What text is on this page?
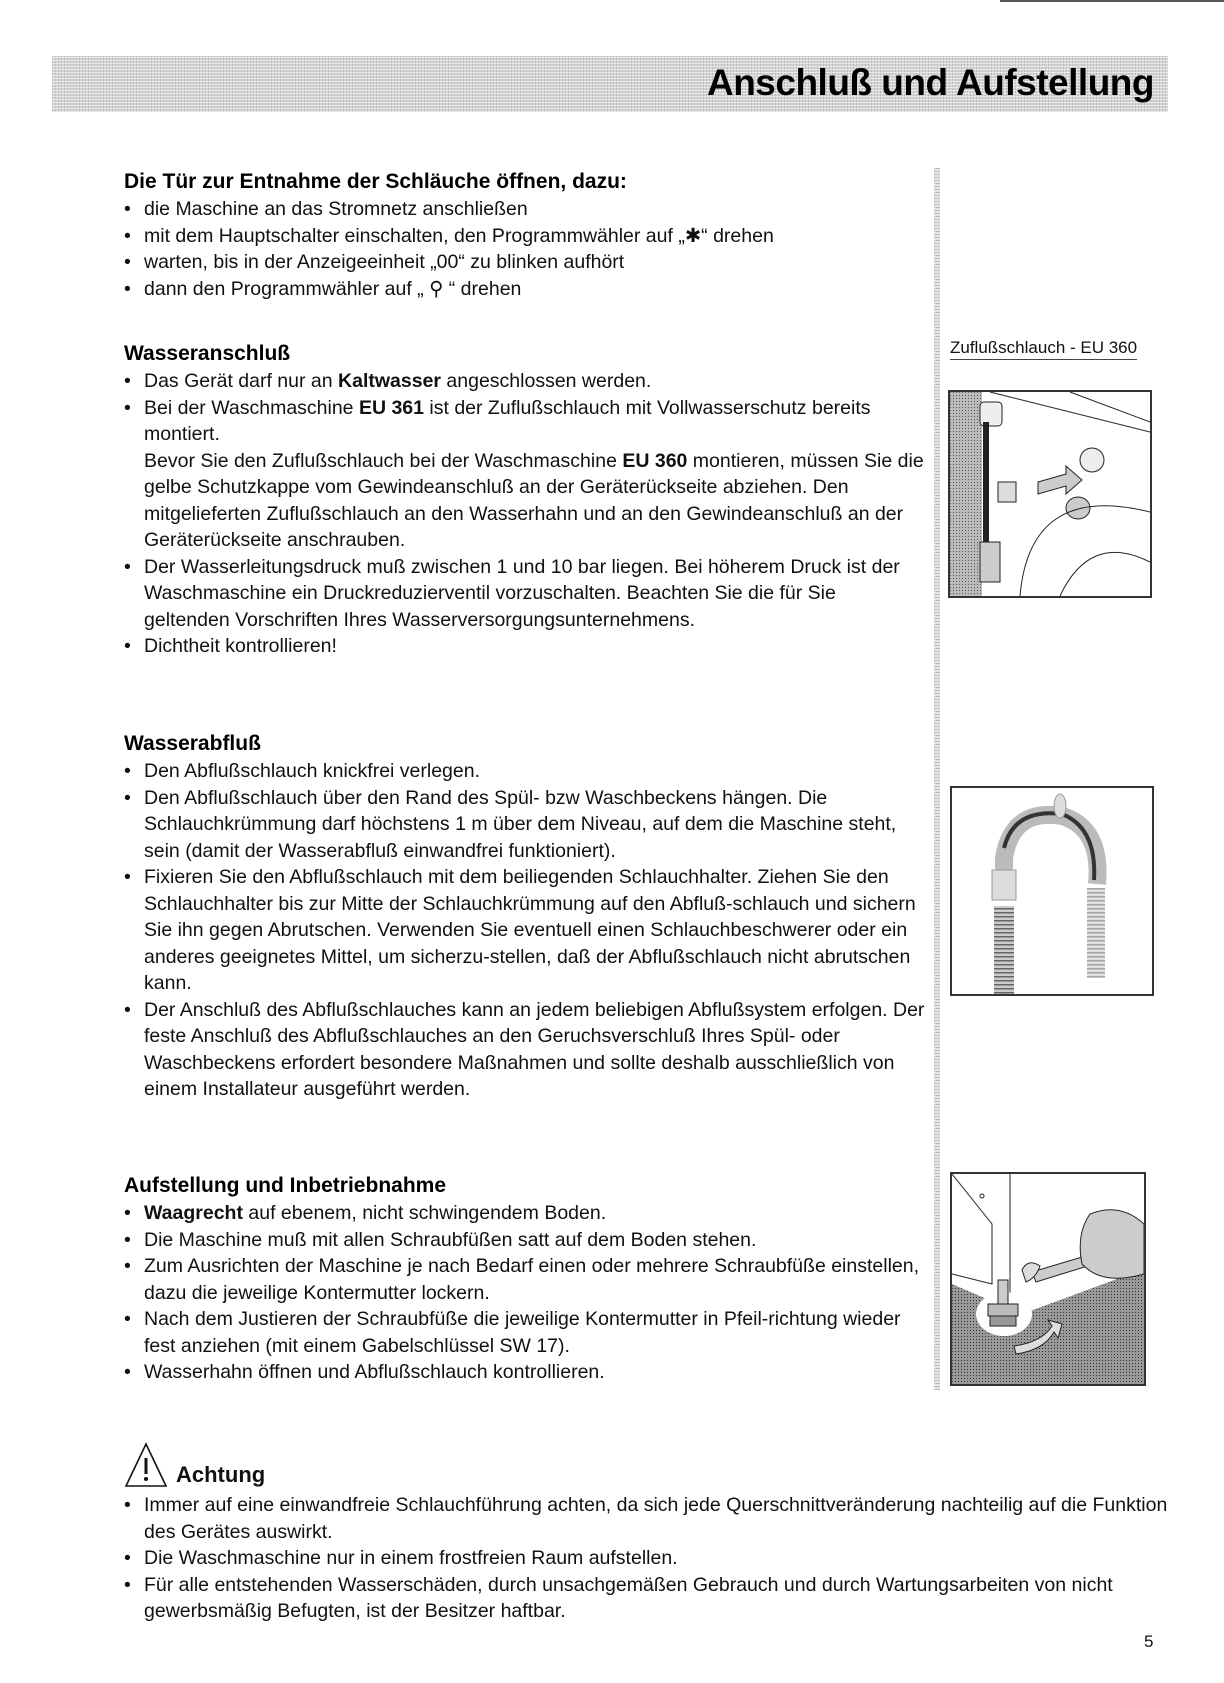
Anschluß und Aufstellung
Die Tür zur Entnahme der Schläuche öffnen, dazu:
• die Maschine an das Stromnetz anschließen
• mit dem Hauptschalter einschalten, den Programmwähler auf „✱“ drehen
• warten, bis in der Anzeigeeinheit „00“ zu blinken aufhört
• dann den Programmwähler auf „ ⚲ “ drehen
Wasseranschluß
• Das Gerät darf nur an Kaltwasser angeschlossen werden.
• Bei der Waschmaschine EU 361 ist der Zuflußschlauch mit Vollwasserschutz bereits montiert.
Bevor Sie den Zuflußschlauch bei der Waschmaschine EU 360 montieren, müssen Sie die gelbe Schutzkappe vom Gewindeanschluß an der Geräterückseite abziehen. Den mitgelieferten Zuflußschlauch an den Wasserhahn und an den Gewindeanschluß an der Geräterückseite anschrauben.
• Der Wasserleitungsdruck muß zwischen 1 und 10 bar liegen. Bei höherem Druck ist der Waschmaschine ein Druckreduzierventil vorzuschalten. Beachten Sie die für Sie geltenden Vorschriften Ihres Wasserversorgungsunternehmens.
• Dichtheit kontrollieren!
Zuflußschlauch - EU 360
Wasserabfluß
• Den Abflußschlauch knickfrei verlegen.
• Den Abflußschlauch über den Rand des Spül- bzw Waschbeckens hängen. Die Schlauchkrümmung darf höchstens 1 m über dem Niveau, auf dem die Maschine steht, sein (damit der Wasserabfluß einwandfrei funktioniert).
• Fixieren Sie den Abflußschlauch mit dem beiliegenden Schlauchhalter. Ziehen Sie den Schlauchhalter bis zur Mitte der Schlauchkrümmung auf den Abfluß-schlauch und sichern Sie ihn gegen Abrutschen. Verwenden Sie eventuell einen Schlauchbeschwerer oder ein anderes geeignetes Mittel, um sicherzu-stellen, daß der Abflußschlauch nicht abrutschen kann.
• Der Anschluß des Abflußschlauches kann an jedem beliebigen Abflußsystem erfolgen. Der feste Anschluß des Abflußschlauches an den Geruchsverschluß Ihres Spül- oder Waschbeckens erfordert besondere Maßnahmen und sollte deshalb ausschließlich von einem Installateur ausgeführt werden.
Aufstellung und Inbetriebnahme
• Waagrecht auf ebenem, nicht schwingendem Boden.
• Die Maschine muß mit allen Schraubfüßen satt auf dem Boden stehen.
• Zum Ausrichten der Maschine je nach Bedarf einen oder mehrere Schraubfüße einstellen, dazu die jeweilige Kontermutter lockern.
• Nach dem Justieren der Schraubfüße die jeweilige Kontermutter in Pfeil-richtung wieder fest anziehen (mit einem Gabelschlüssel SW 17).
• Wasserhahn öffnen und Abflußschlauch kontrollieren.
Achtung
• Immer auf eine einwandfreie Schlauchführung achten, da sich jede Querschnittveränderung nachteilig auf die Funktion des Gerätes auswirkt.
• Die Waschmaschine nur in einem frostfreien Raum aufstellen.
• Für alle entstehenden Wasserschäden, durch unsachgemäßen Gebrauch und durch Wartungsarbeiten von nicht gewerbsmäßig Befugten, ist der Besitzer haftbar.
5
